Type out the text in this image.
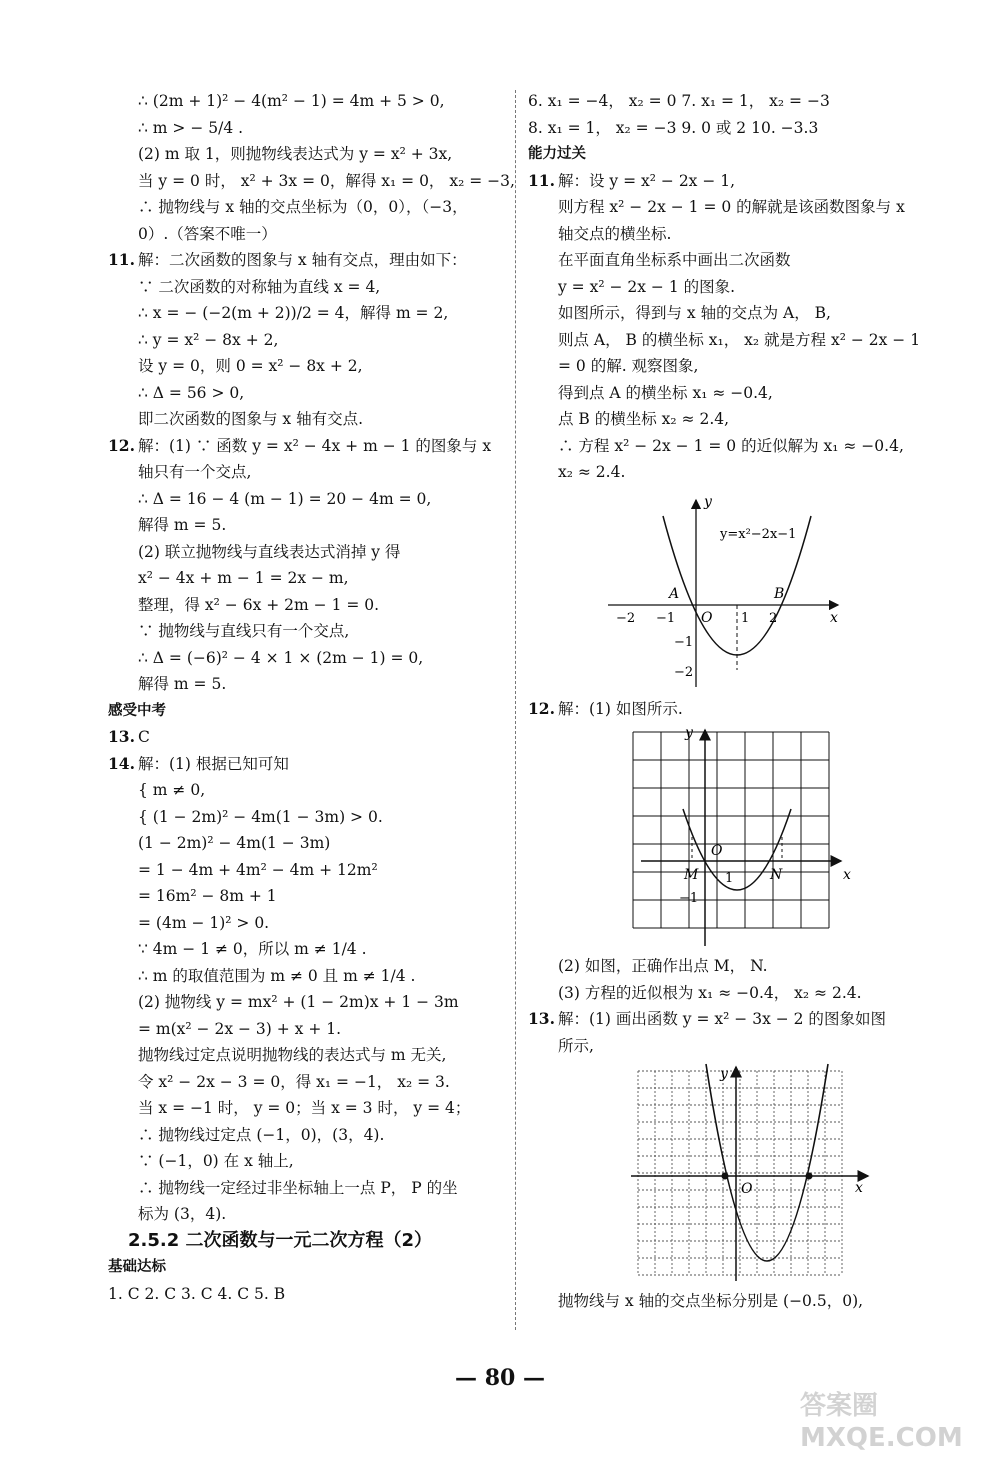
∴ (2m + 1)² − 4(m² − 1) = 4m + 5 > 0,
∴ m > − 5/4 .
(2) m 取 1，则抛物线表达式为 y = x² + 3x,
当 y = 0 时， x² + 3x = 0，解得 x₁ = 0， x₂ = −3,
∴ 抛物线与 x 轴的交点坐标为（0，0），（−3，
0）.（答案不唯一）
11. 解：二次函数的图象与 x 轴有交点，理由如下：
∵ 二次函数的对称轴为直线 x = 4,
∴ x = − (−2(m + 2))/2 = 4，解得 m = 2,
∴ y = x² − 8x + 2,
设 y = 0，则 0 = x² − 8x + 2,
∴ Δ = 56 > 0,
即二次函数的图象与 x 轴有交点.
12. 解：(1) ∵ 函数 y = x² − 4x + m − 1 的图象与 x
轴只有一个交点,
∴ Δ = 16 − 4 (m − 1) = 20 − 4m = 0,
解得 m = 5.
(2) 联立抛物线与直线表达式消掉 y 得
x² − 4x + m − 1 = 2x − m,
整理，得 x² − 6x + 2m − 1 = 0.
∵ 抛物线与直线只有一个交点,
∴ Δ = (−6)² − 4 × 1 × (2m − 1) = 0,
解得 m = 5.
感受中考
13. C
14. 解：(1) 根据已知可知
{ m ≠ 0,
{ (1 − 2m)² − 4m(1 − 3m) > 0.
(1 − 2m)² − 4m(1 − 3m)
= 1 − 4m + 4m² − 4m + 12m²
= 16m² − 8m + 1
= (4m − 1)² > 0.
∵ 4m − 1 ≠ 0，所以 m ≠ 1/4 .
∴ m 的取值范围为 m ≠ 0 且 m ≠ 1/4 .
(2) 抛物线 y = mx² + (1 − 2m)x + 1 − 3m
= m(x² − 2x − 3) + x + 1.
抛物线过定点说明抛物线的表达式与 m 无关,
令 x² − 2x − 3 = 0，得 x₁ = −1， x₂ = 3.
当 x = −1 时， y = 0；当 x = 3 时， y = 4；
∴ 抛物线过定点 (−1，0)，(3，4).
∵ (−1，0) 在 x 轴上,
∴ 抛物线一定经过非坐标轴上一点 P， P 的坐
标为 (3，4).
2.5.2 二次函数与一元二次方程（2）
基础达标
1. C 2. C 3. C 4. C 5. B
6. x₁ = −4， x₂ = 0 7. x₁ = 1， x₂ = −3
8. x₁ = 1， x₂ = −3 9. 0 或 2 10. −3.3
能力过关
11. 解：设 y = x² − 2x − 1,
则方程 x² − 2x − 1 = 0 的解就是该函数图象与 x
轴交点的横坐标.
在平面直角坐标系中画出二次函数
y = x² − 2x − 1 的图象.
如图所示，得到与 x 轴的交点为 A， B,
则点 A， B 的横坐标 x₁， x₂ 就是方程 x² − 2x − 1
= 0 的解. 观察图象,
得到点 A 的横坐标 x₁ ≈ −0.4,
点 B 的横坐标 x₂ ≈ 2.4,
∴ 方程 x² − 2x − 1 = 0 的近似解为 x₁ ≈ −0.4,
x₂ ≈ 2.4.
y
x
y=x²−2x−1
A	B
O
−2 −1	1 2
−1
−2
12. 解：(1) 如图所示.
y
x
O
M	N
1
−1
(2) 如图，正确作出点 M， N.
(3) 方程的近似根为 x₁ ≈ −0.4， x₂ ≈ 2.4.
13. 解：(1) 画出函数 y = x² − 3x − 2 的图象如图
所示,
y
x
O
抛物线与 x 轴的交点坐标分别是 (−0.5，0),
— 80 —
答案圈 MXQE.COM
